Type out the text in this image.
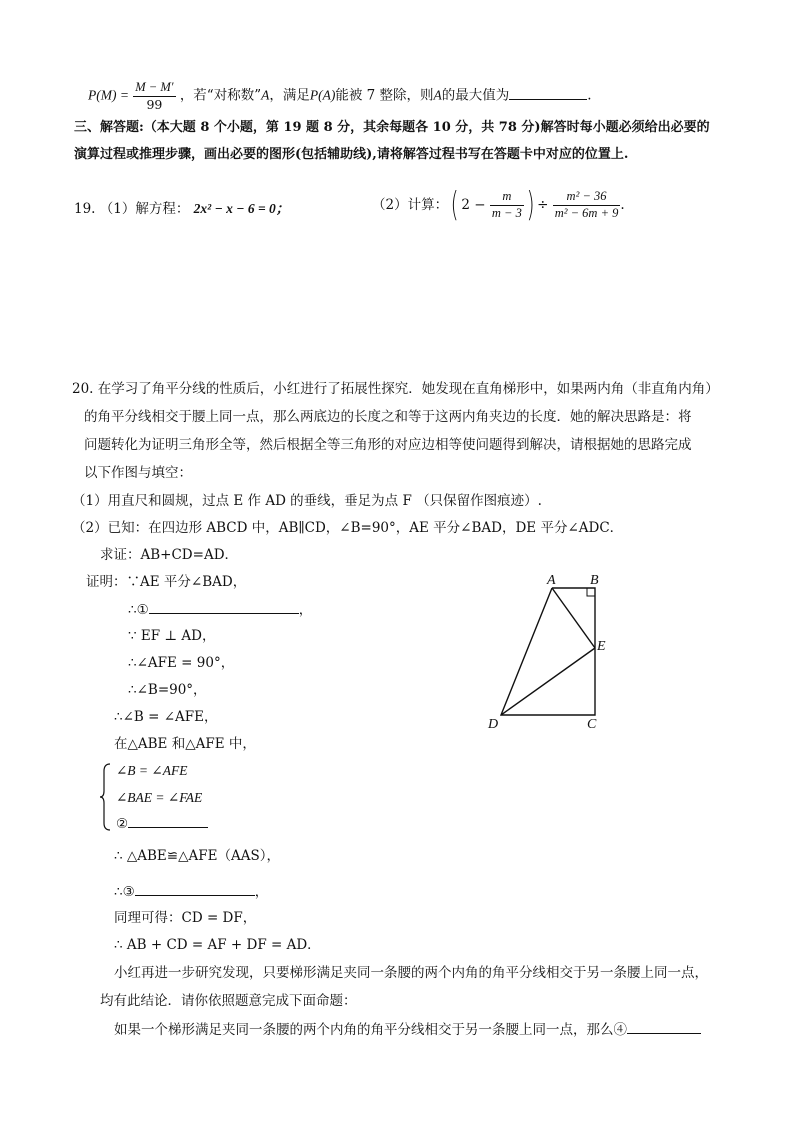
$P(M) = \frac{M - M'}{99}$ ，若“对称数”A，满足P(A)能被 7 整除，则A的最大值为	.
三、解答题:（本大题 8 个小题，第 19 题 8 分，其余每题各 10 分，共 78 分)解答时每小题必须给出必要的
演算过程或推理步骤，画出必要的图形(包括辅助线),请将解答过程书写在答题卡中对应的位置上.
19. （1）解方程： 2x² − x − 6 = 0；	（2）计算：( $2 - \frac{m}{m - 3}$ ) ÷ $\frac{\text{m² − 36}}{\text{m² − 6m + 9}}$ .
20. 在学习了角平分线的性质后，小红进行了拓展性探究．她发现在直角梯形中，如果两内角（非直角内角）
的角平分线相交于腰上同一点，那么两底边的长度之和等于这两内角夹边的长度．她的解决思路是：将
问题转化为证明三角形全等，然后根据全等三角形的对应边相等使问题得到解决，请根据她的思路完成
以下作图与填空：
（1）用直尺和圆规，过点 E 作 AD 的垂线，垂足为点 F （只保留作图痕迹）.
（2）已知：在四边形 ABCD 中，AB∥CD，∠B=90°，AE 平分∠BAD，DE 平分∠ADC．
求证：AB+CD=AD．
证明：∵AE 平分∠BAD，
∴①	，
∵ EF ⊥ AD，
∴∠AFE = 90°，
∴∠B=90°，
∴∠B = ∠AFE，
在△ABE 和△AFE 中，
∠B = ∠AFE
∠BAE = ∠FAE
②
∴ △ABE≌△AFE（AAS），
∴③	，
同理可得：CD = DF，
∴ AB + CD = AF + DF = AD．
小红再进一步研究发现，只要梯形满足夹同一条腰的两个内角的角平分线相交于另一条腰上同一点，
均有此结论．请你依照题意完成下面命题：
如果一个梯形满足夹同一条腰的两个内角的角平分线相交于另一条腰上同一点，那么④
A B
E
D	C
